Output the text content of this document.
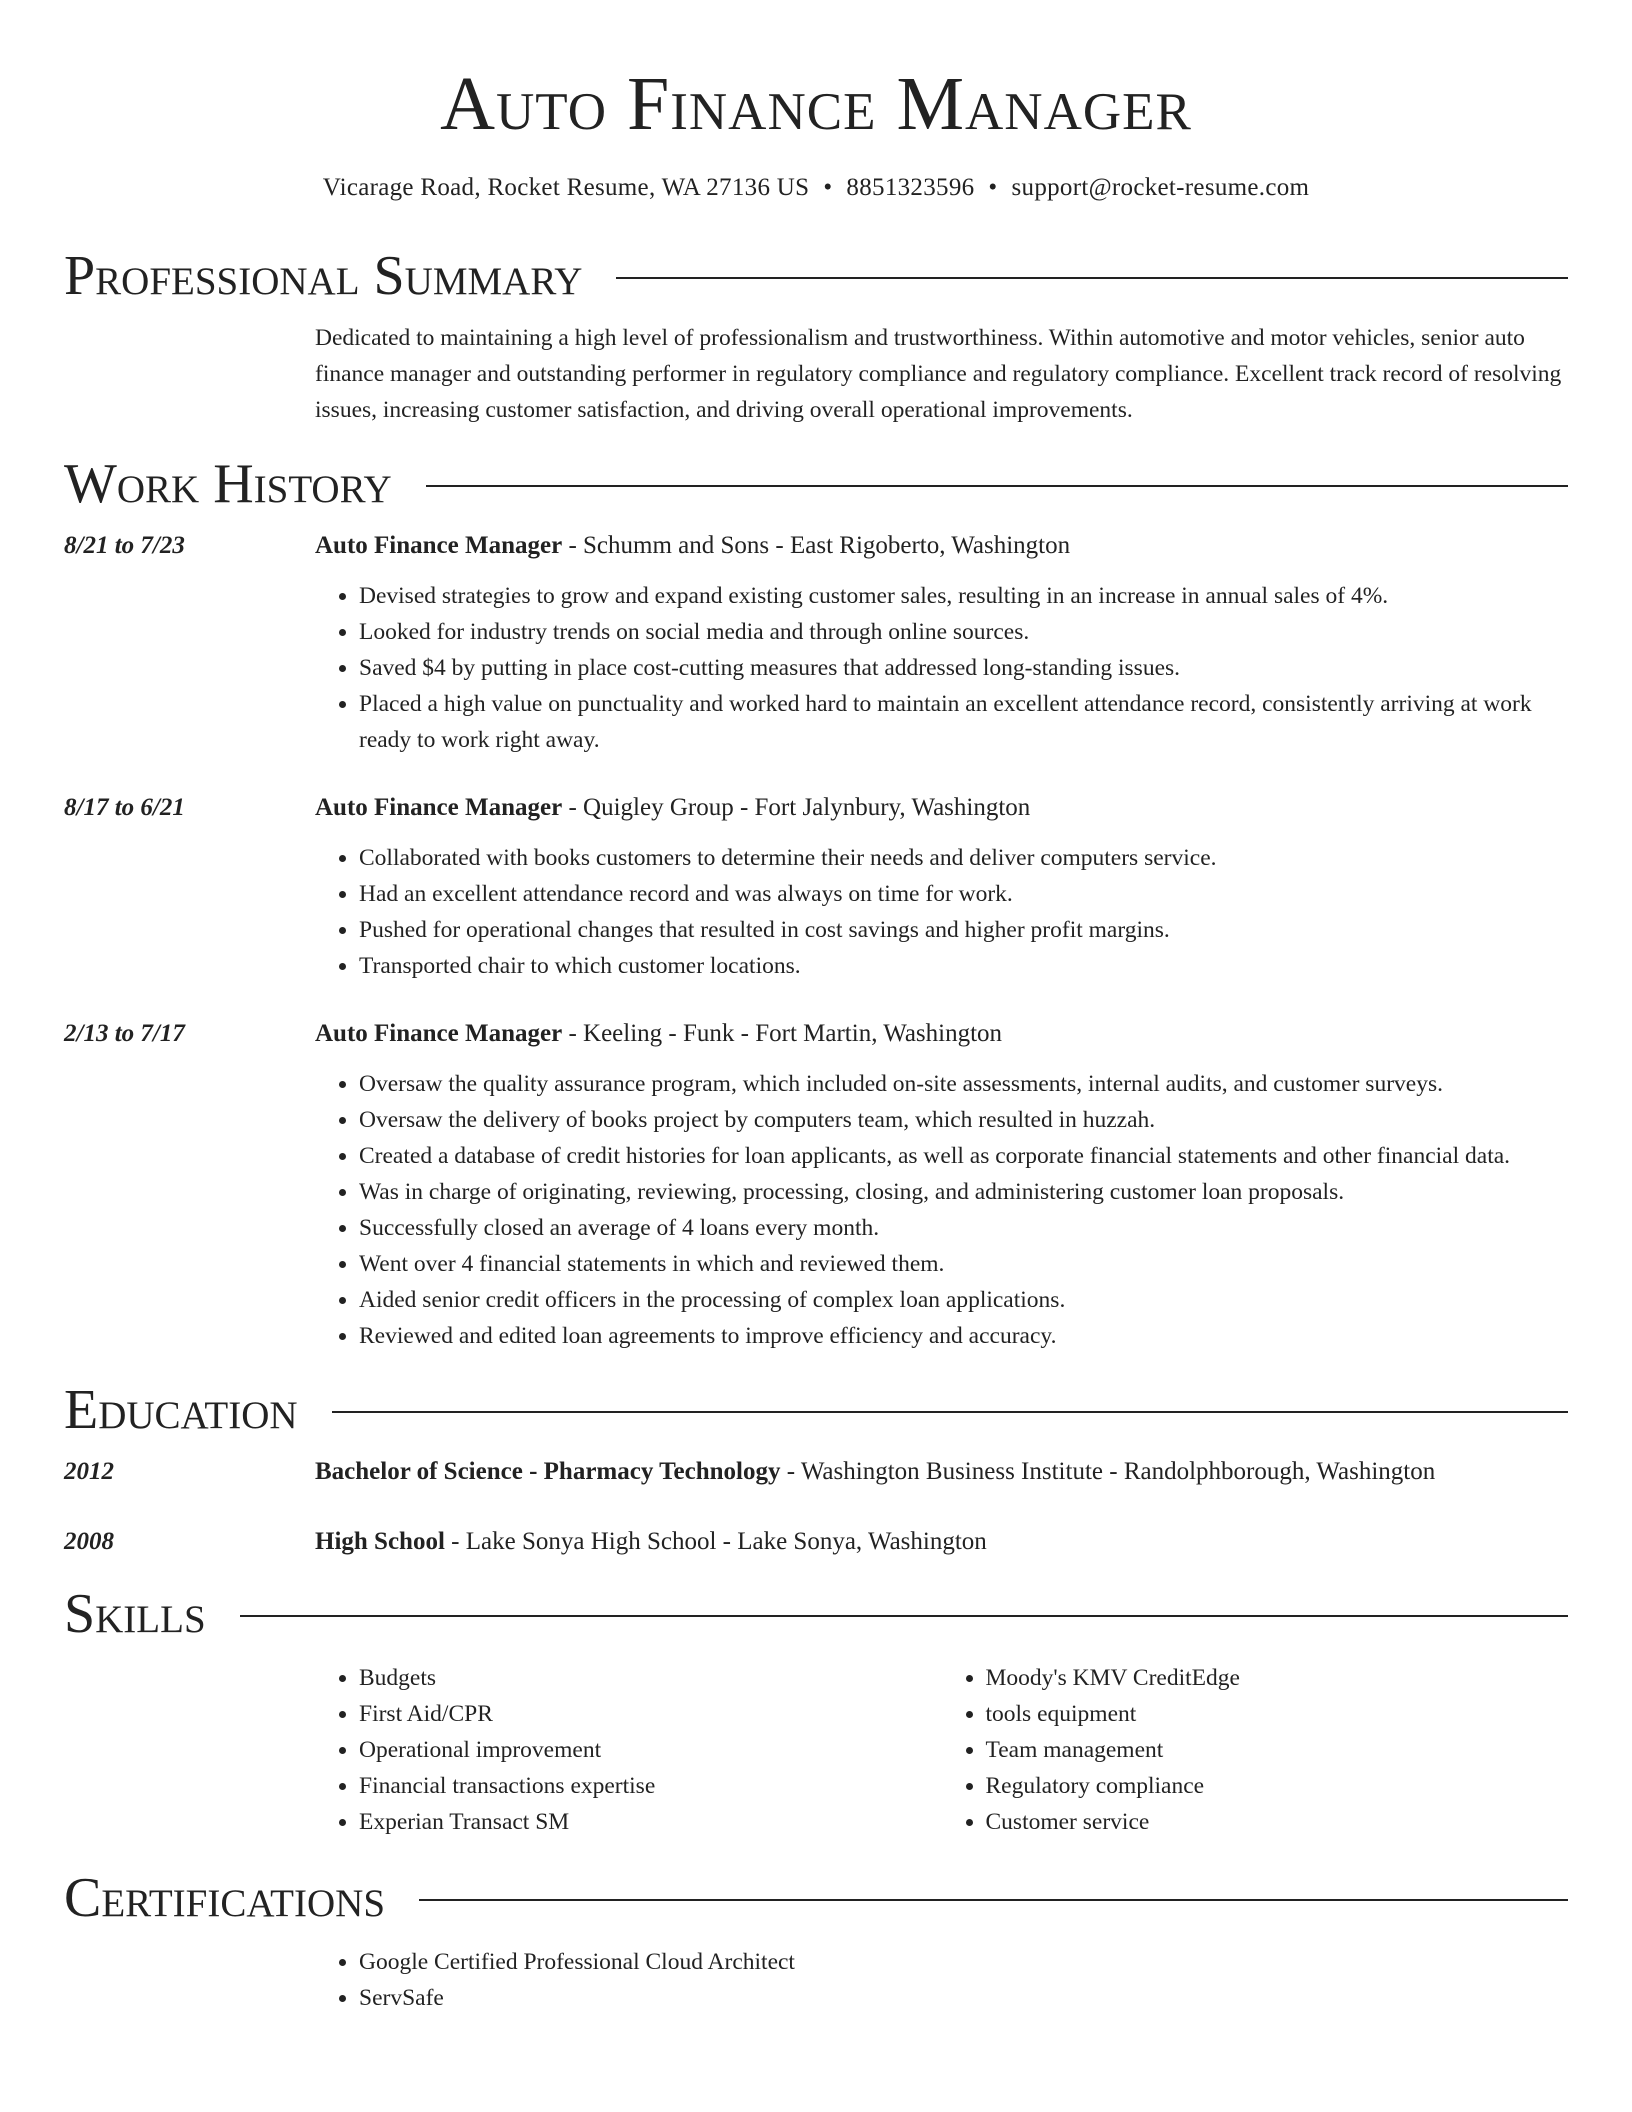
Auto Finance Manager
Vicarage Road, Rocket Resume, WA 27136 US • 8851323596 • support@rocket-resume.com
Professional Summary
Dedicated to maintaining a high level of professionalism and trustworthiness. Within automotive and motor vehicles, senior auto finance manager and outstanding performer in regulatory compliance and regulatory compliance. Excellent track record of resolving issues, increasing customer satisfaction, and driving overall operational improvements.
Work History
8/21 to 7/23	Auto Finance Manager - Schumm and Sons - East Rigoberto, Washington
• Devised strategies to grow and expand existing customer sales, resulting in an increase in annual sales of 4%.
• Looked for industry trends on social media and through online sources.
• Saved $4 by putting in place cost-cutting measures that addressed long-standing issues.
• Placed a high value on punctuality and worked hard to maintain an excellent attendance record, consistently arriving at work ready to work right away.
8/17 to 6/21	Auto Finance Manager - Quigley Group - Fort Jalynbury, Washington
• Collaborated with books customers to determine their needs and deliver computers service.
• Had an excellent attendance record and was always on time for work.
• Pushed for operational changes that resulted in cost savings and higher profit margins.
• Transported chair to which customer locations.
2/13 to 7/17	Auto Finance Manager - Keeling - Funk - Fort Martin, Washington
• Oversaw the quality assurance program, which included on-site assessments, internal audits, and customer surveys.
• Oversaw the delivery of books project by computers team, which resulted in huzzah.
• Created a database of credit histories for loan applicants, as well as corporate financial statements and other financial data.
• Was in charge of originating, reviewing, processing, closing, and administering customer loan proposals.
• Successfully closed an average of 4 loans every month.
• Went over 4 financial statements in which and reviewed them.
• Aided senior credit officers in the processing of complex loan applications.
• Reviewed and edited loan agreements to improve efficiency and accuracy.
Education
2012	Bachelor of Science - Pharmacy Technology - Washington Business Institute - Randolphborough, Washington
2008	High School - Lake Sonya High School - Lake Sonya, Washington
Skills
• Budgets
• First Aid/CPR
• Operational improvement
• Financial transactions expertise
• Experian Transact SM
• Moody's KMV CreditEdge
• tools equipment
• Team management
• Regulatory compliance
• Customer service
Certifications
• Google Certified Professional Cloud Architect
• ServSafe
